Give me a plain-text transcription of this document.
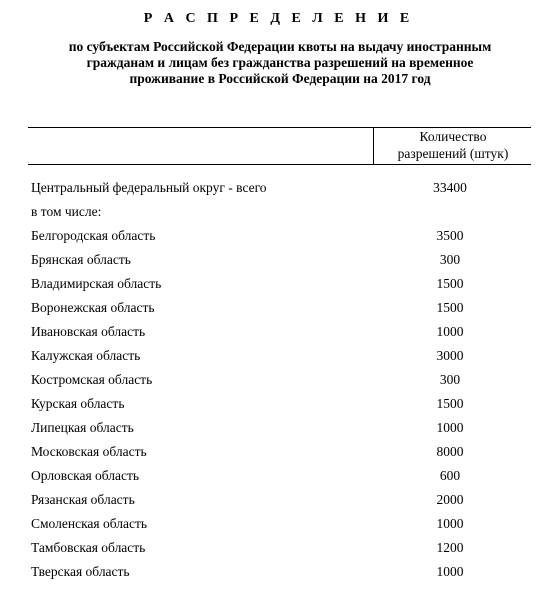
Р А С П Р Е Д Е Л Е Н И Е
по субъектам Российской Федерации квоты на выдачу иностранным
гражданам и лицам без гражданства разрешений на временное
проживание в Российской Федерации на 2017 год
Количество
разрешений (штук)
Центральный федеральный округ - всего	33400
в том числе:
Белгородская область	3500
Брянская область	300
Владимирская область	1500
Воронежская область	1500
Ивановская область	1000
Калужская область	3000
Костромская область	300
Курская область	1500
Липецкая область	1000
Московская область	8000
Орловская область	600
Рязанская область	2000
Смоленская область	1000
Тамбовская область	1200
Тверская область	1000
